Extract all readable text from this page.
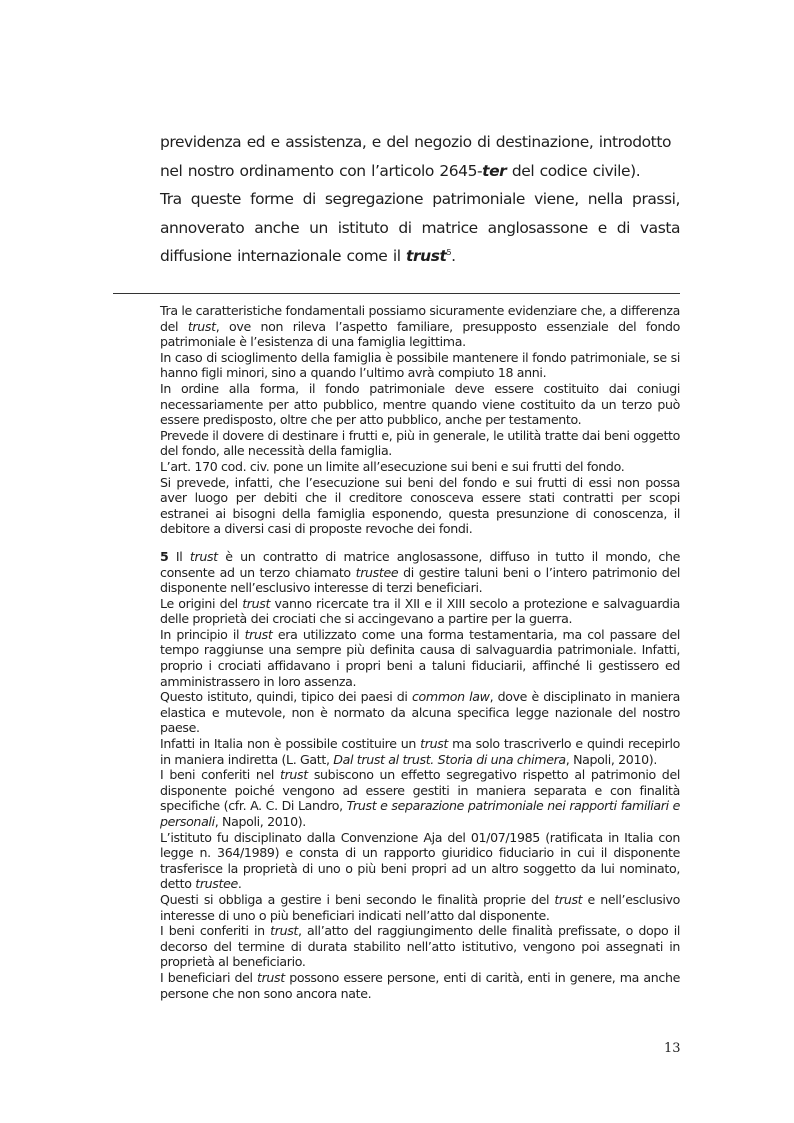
previdenza ed e assistenza, e del negozio di destinazione, introdotto nel nostro ordinamento con l’articolo 2645-ter del codice civile).

Tra queste forme di segregazione patrimoniale viene, nella prassi, annoverato anche un istituto di matrice anglosassone e di vasta diffusione internazionale come il trust$^5$.

Tra le caratteristiche fondamentali possiamo sicuramente evidenziare che, a differenza del trust, ove non rileva l’aspetto familiare, presupposto essenziale del fondo patrimoniale è l’esistenza di una famiglia legittima.

In caso di scioglimento della famiglia è possibile mantenere il fondo patrimoniale, se si hanno figli minori, sino a quando l’ultimo avrà compiuto 18 anni.

In ordine alla forma, il fondo patrimoniale deve essere costituito dai coniugi necessariamente per atto pubblico, mentre quando viene costituito da un terzo può essere predisposto, oltre che per atto pubblico, anche per testamento.

Prevede il dovere di destinare i frutti e, più in generale, le utilità tratte dai beni oggetto del fondo, alle necessità della famiglia.

L’art. 170 cod. civ. pone un limite all’esecuzione sui beni e sui frutti del fondo.

Si prevede, infatti, che l’esecuzione sui beni del fondo e sui frutti di essi non possa aver luogo per debiti che il creditore conosceva essere stati contratti per scopi estranei ai bisogni della famiglia esponendo, questa presunzione di conoscenza, il debitore a diversi casi di proposte revoche dei fondi.

5 Il trust è un contratto di matrice anglosassone, diffuso in tutto il mondo, che consente ad un terzo chiamato trustee di gestire taluni beni o l’intero patrimonio del disponente nell’esclusivo interesse di terzi beneficiari.

Le origini del trust vanno ricercate tra il XII e il XIII secolo a protezione e salvaguardia delle proprietà dei crociati che si accingevano a partire per la guerra.

In principio il trust era utilizzato come una forma testamentaria, ma col passare del tempo raggiunse una sempre più definita causa di salvaguardia patrimoniale. Infatti, proprio i crociati affidavano i propri beni a taluni fiduciarii, affinché li gestissero ed amministrassero in loro assenza.

Questo istituto, quindi, tipico dei paesi di common law, dove è disciplinato in maniera elastica e mutevole, non è normato da alcuna specifica legge nazionale del nostro paese.

Infatti in Italia non è possibile costituire un trust ma solo trascriverlo e quindi recepirlo in maniera indiretta (L. Gatt, Dal trust al trust. Storia di una chimera, Napoli, 2010).

I beni conferiti nel trust subiscono un effetto segregativo rispetto al patrimonio del disponente poiché vengono ad essere gestiti in maniera separata e con finalità specifiche (cfr. A. C. Di Landro, Trust e separazione patrimoniale nei rapporti familiari e personali, Napoli, 2010).

L’istituto fu disciplinato dalla Convenzione Aja del 01/07/1985 (ratificata in Italia con legge n. 364/1989) e consta di un rapporto giuridico fiduciario in cui il disponente trasferisce la proprietà di uno o più beni propri ad un altro soggetto da lui nominato, detto trustee.

Questi si obbliga a gestire i beni secondo le finalità proprie del trust e nell’esclusivo interesse di uno o più beneficiari indicati nell’atto dal disponente.

I beni conferiti in trust, all’atto del raggiungimento delle finalità prefissate, o dopo il decorso del termine di durata stabilito nell’atto istitutivo, vengono poi assegnati in proprietà al beneficiario.

I beneficiari del trust possono essere persone, enti di carità, enti in genere, ma anche persone che non sono ancora nate.

13
